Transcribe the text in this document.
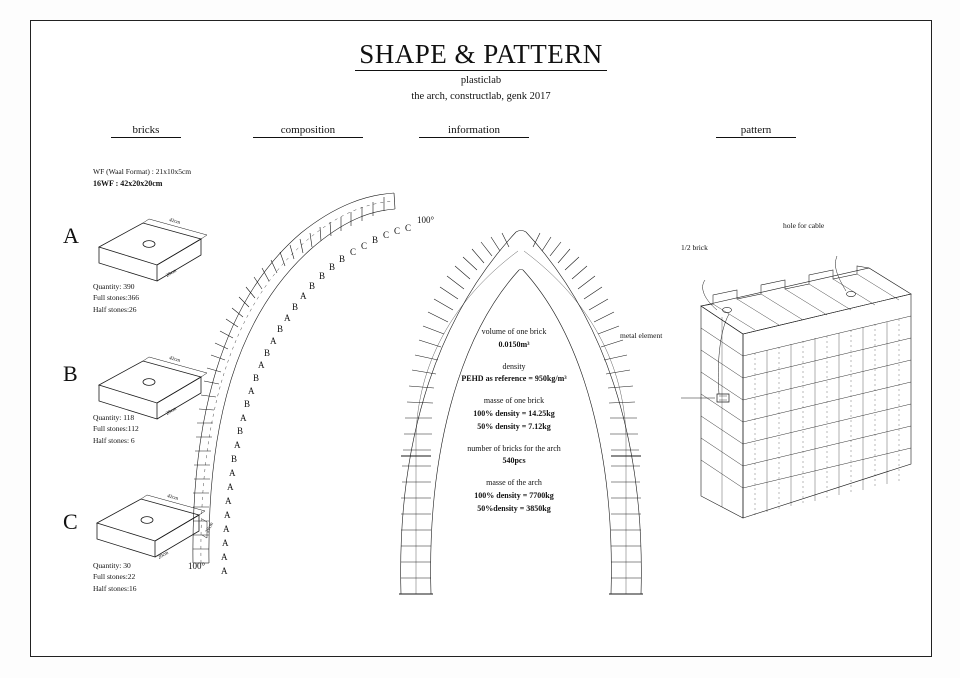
SHAPE & PATTERN
plasticlab
the arch, constructlab, genk 2017
bricks	composition	information	pattern
WF (Waal Format) : 21x10x5cm
16WF : 42x20x20cm
A
42cm
20cm
Quantity: 390
Full stones:366
Half stones:26
B
42cm
20cm
Quantity: 118
Full stones:112
Half stones: 6
C
42cm
20cm
20cm
Quantity: 30
Full stones:22
Half stones:16
A
A
A
A
A
A
A
A
B
A
B
A
B
A
B
A
B
A
B
A
B
A
B
B
B
B
C
C
B C C C
100°
100°
volume of one brick
0.0150m³
density
PEHD as reference = 950kg/m³
masse of one brick
100% density = 14.25kg
50% density = 7.12kg
number of bricks for the arch
540pcs
masse of the arch
100% density = 7700kg
50%density = 3850kg
1/2 brick
hole for cable
metal element
